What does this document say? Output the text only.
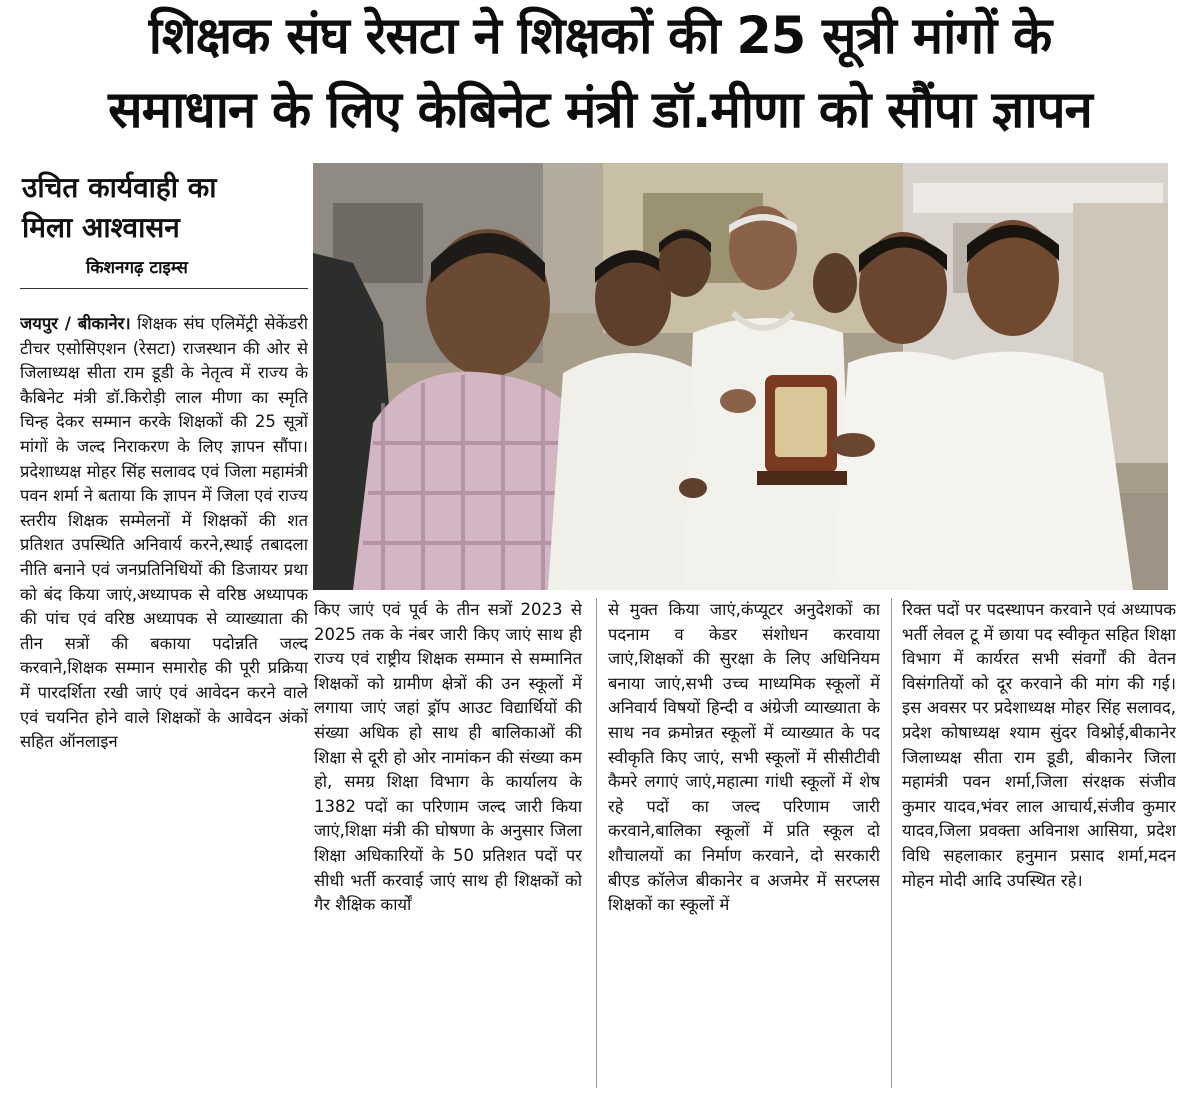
शिक्षक संघ रेसटा ने शिक्षकों की 25 सूत्री मांगों के
समाधान के लिए केबिनेट मंत्री डॉ.मीणा को सौंपा ज्ञापन
उचित कार्यवाही का
मिला आश्वासन
किशनगढ़ टाइम्स
जयपुर / बीकानेर। शिक्षक संघ एलिमेंट्री सेकेंडरी टीचर एसोसिएशन (रेसटा) राजस्थान की ओर से जिलाध्यक्ष सीता राम डूडी के नेतृत्व में राज्य के कैबिनेट मंत्री डॉ.किरोड़ी लाल मीणा का स्मृति चिन्ह देकर सम्मान करके शिक्षकों की 25 सूत्रों मांगों के जल्द निराकरण के लिए ज्ञापन सौंपा। प्रदेशाध्यक्ष मोहर सिंह सलावद एवं जिला महामंत्री पवन शर्मा ने बताया कि ज्ञापन में जिला एवं राज्य स्तरीय शिक्षक सम्मेलनों में शिक्षकों की शत प्रतिशत उपस्थिति अनिवार्य करने,स्थाई तबादला नीति बनाने एवं जनप्रतिनिधियों की डिजायर प्रथा को बंद किया जाएं,अध्यापक से वरिष्ठ अध्यापक की पांच एवं वरिष्ठ अध्यापक से व्याख्याता की तीन सत्रों की बकाया पदोन्नति जल्द करवाने,शिक्षक सम्मान समारोह की पूरी प्रक्रिया में पारदर्शिता रखी जाएं एवं आवेदन करने वाले एवं चयनित होने वाले शिक्षकों के आवेदन अंकों सहित ऑनलाइन
किए जाएं एवं पूर्व के तीन सत्रों 2023 से 2025 तक के नंबर जारी किए जाएं साथ ही राज्य एवं राष्ट्रीय शिक्षक सम्मान से सम्मानित शिक्षकों को ग्रामीण क्षेत्रों की उन स्कूलों में लगाया जाएं जहां ड्रॉप आउट विद्यार्थियों की संख्या अधिक हो साथ ही बालिकाओं की शिक्षा से दूरी हो ओर नामांकन की संख्या कम हो, समग्र शिक्षा विभाग के कार्यालय के 1382 पदों का परिणाम जल्द जारी किया जाएं,शिक्षा मंत्री की घोषणा के अनुसार जिला शिक्षा अधिकारियों के 50 प्रतिशत पदों पर सीधी भर्ती करवाई जाएं साथ ही शिक्षकों को गैर शैक्षिक कार्यों
से मुक्त किया जाएं,कंप्यूटर अनुदेशकों का पदनाम व केडर संशोधन करवाया जाएं,शिक्षकों की सुरक्षा के लिए अधिनियम बनाया जाएं,सभी उच्च माध्यमिक स्कूलों में अनिवार्य विषयों हिन्दी व अंग्रेजी व्याख्याता के साथ नव क्रमोन्नत स्कूलों में व्याख्यात के पद स्वीकृति किए जाएं, सभी स्कूलों में सीसीटीवी कैमरे लगाएं जाएं,महात्मा गांधी स्कूलों में शेष रहे पदों का जल्द परिणाम जारी करवाने,बालिका स्कूलों में प्रति स्कूल दो शौचालयों का निर्माण करवाने, दो सरकारी बीएड कॉलेज बीकानेर व अजमेर में सरप्लस शिक्षकों का स्कूलों में
रिक्त पदों पर पदस्थापन करवाने एवं अध्यापक भर्ती लेवल टू में छाया पद स्वीकृत सहित शिक्षा विभाग में कार्यरत सभी संवर्गों की वेतन विसंगतियों को दूर करवाने की मांग की गई। इस अवसर पर प्रदेशाध्यक्ष मोहर सिंह सलावद, प्रदेश कोषाध्यक्ष श्याम सुंदर विश्नोई,बीकानेर जिलाध्यक्ष सीता राम डूडी, बीकानेर जिला महामंत्री पवन शर्मा,जिला संरक्षक संजीव कुमार यादव,भंवर लाल आचार्य,संजीव कुमार यादव,जिला प्रवक्ता अविनाश आसिया, प्रदेश विधि सहलाकार हनुमान प्रसाद शर्मा,मदन मोहन मोदी आदि उपस्थित रहे।
